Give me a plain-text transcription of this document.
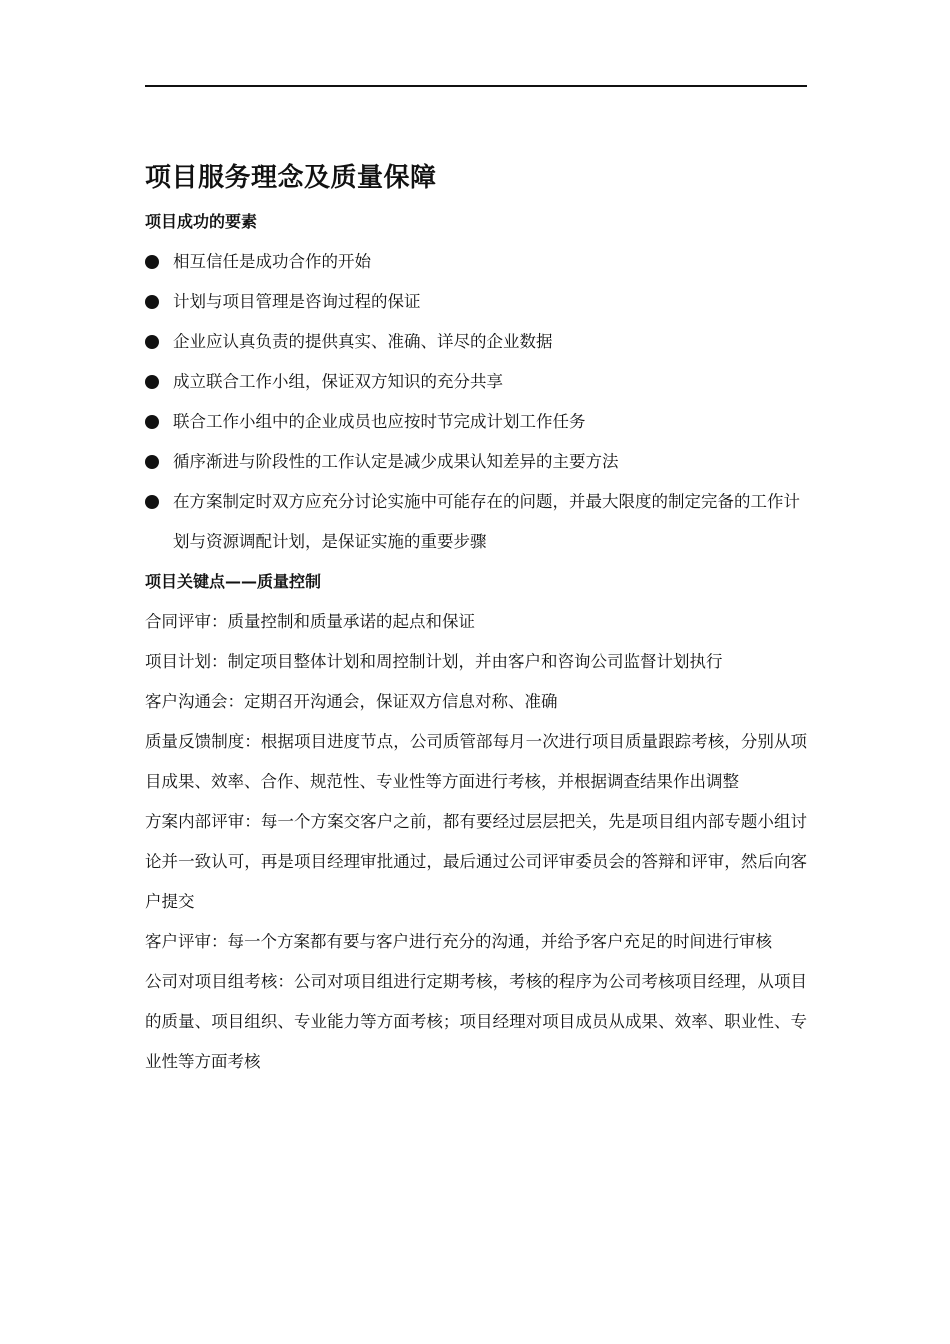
项目服务理念及质量保障
项目成功的要素
相互信任是成功合作的开始
计划与项目管理是咨询过程的保证
企业应认真负责的提供真实、准确、详尽的企业数据
成立联合工作小组，保证双方知识的充分共享
联合工作小组中的企业成员也应按时节完成计划工作任务
循序渐进与阶段性的工作认定是减少成果认知差异的主要方法
在方案制定时双方应充分讨论实施中可能存在的问题，并最大限度的制定完备的工作计划与资源调配计划，是保证实施的重要步骤
项目关键点——质量控制

合同评审：质量控制和质量承诺的起点和保证

项目计划：制定项目整体计划和周控制计划，并由客户和咨询公司监督计划执行

客户沟通会：定期召开沟通会，保证双方信息对称、准确

质量反馈制度：根据项目进度节点，公司质管部每月一次进行项目质量跟踪考核，分别从项目成果、效率、合作、规范性、专业性等方面进行考核，并根据调查结果作出调整

方案内部评审：每一个方案交客户之前，都有要经过层层把关，先是项目组内部专题小组讨论并一致认可，再是项目经理审批通过，最后通过公司评审委员会的答辩和评审，然后向客户提交

客户评审：每一个方案都有要与客户进行充分的沟通，并给予客户充足的时间进行审核

公司对项目组考核：公司对项目组进行定期考核，考核的程序为公司考核项目经理，从项目的质量、项目组织、专业能力等方面考核；项目经理对项目成员从成果、效率、职业性、专业性等方面考核
